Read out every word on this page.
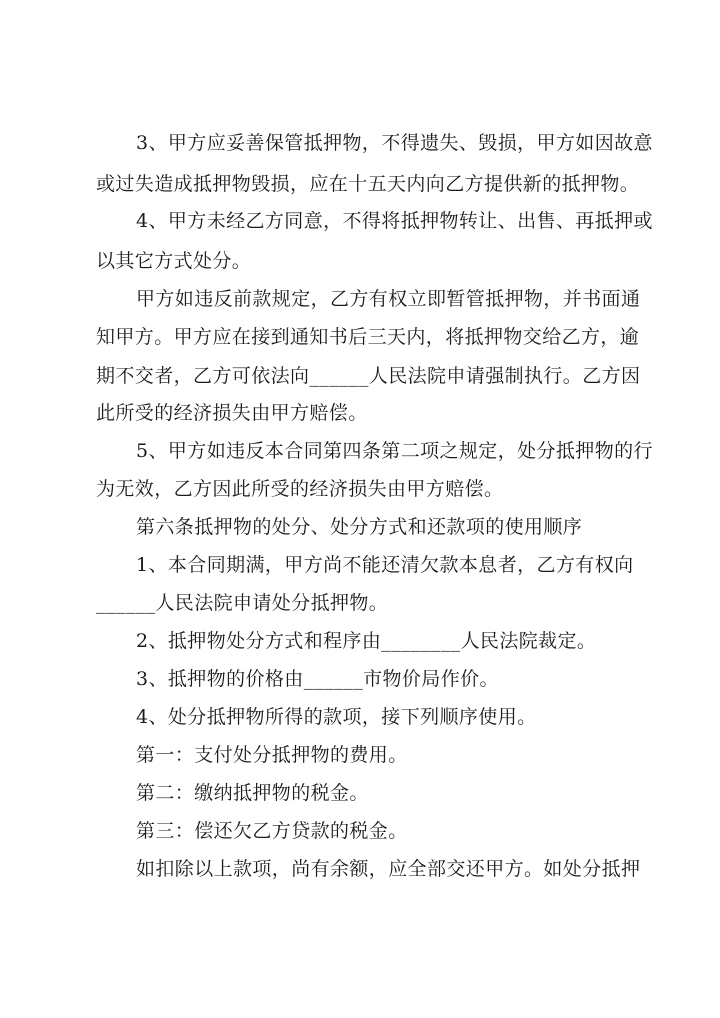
3、甲方应妥善保管抵押物，不得遗失、毁损，甲方如因故意
或过失造成抵押物毁损，应在十五天内向乙方提供新的抵押物。
4、甲方未经乙方同意，不得将抵押物转让、出售、再抵押或
以其它方式处分。
甲方如违反前款规定，乙方有权立即暂管抵押物，并书面通
知甲方。甲方应在接到通知书后三天内，将抵押物交给乙方，逾
期不交者，乙方可依法向______人民法院申请强制执行。乙方因
此所受的经济损失由甲方赔偿。
5、甲方如违反本合同第四条第二项之规定，处分抵押物的行
为无效，乙方因此所受的经济损失由甲方赔偿。
第六条抵押物的处分、处分方式和还款项的使用顺序
1、本合同期满，甲方尚不能还清欠款本息者，乙方有权向
______人民法院申请处分抵押物。
2、抵押物处分方式和程序由________人民法院裁定。
3、抵押物的价格由______市物价局作价。
4、处分抵押物所得的款项，接下列顺序使用。
第一：支付处分抵押物的费用。
第二：缴纳抵押物的税金。
第三：偿还欠乙方贷款的税金。
如扣除以上款项，尚有余额，应全部交还甲方。如处分抵押
